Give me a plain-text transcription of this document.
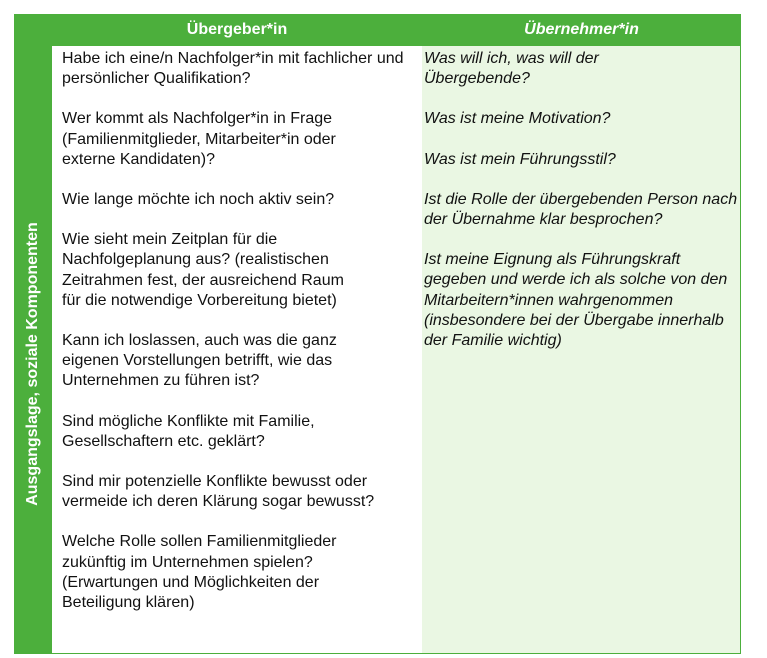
Ausgangslage, soziale Komponenten
Übergeber*in	Übernehmer*in

Habe ich eine/n Nachfolger*in mit fachlicher und persönlicher Qualifikation?

Wer kommt als Nachfolger*in in Frage (Familienmitglieder, Mitarbeiter*in oder externe Kandidaten)?

Wie lange möchte ich noch aktiv sein?

Wie sieht mein Zeitplan für die Nachfolgeplanung aus? (realistischen Zeitrahmen fest, der ausreichend Raum für die notwendige Vorbereitung bietet)

Kann ich loslassen, auch was die ganz eigenen Vorstellungen betrifft, wie das Unternehmen zu führen ist?

Sind mögliche Konflikte mit Familie, Gesellschaftern etc. geklärt?

Sind mir potenzielle Konflikte bewusst oder vermeide ich deren Klärung sogar bewusst?

Welche Rolle sollen Familienmitglieder zukünftig im Unternehmen spielen? (Erwartungen und Möglichkeiten der Beteiligung klären)

Was will ich, was will der Übergebende?

Was ist meine Motivation?

Was ist mein Führungsstil?

Ist die Rolle der übergebenden Person nach der Übernahme klar besprochen?

Ist meine Eignung als Führungskraft gegeben und werde ich als solche von den Mitarbeitern*innen wahrgenommen (insbesondere bei der Übergabe innerhalb der Familie wichtig)
